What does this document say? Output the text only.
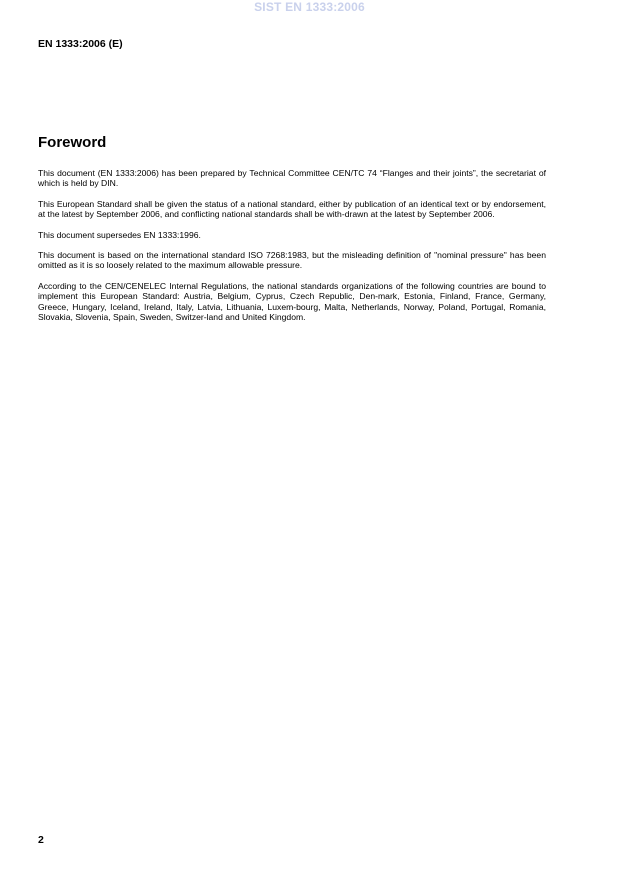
SIST EN 1333:2006
EN 1333:2006 (E)
Foreword

This document (EN 1333:2006) has been prepared by Technical Committee CEN/TC 74 “Flanges and their joints”, the secretariat of which is held by DIN.

This European Standard shall be given the status of a national standard, either by publication of an identical text or by endorsement, at the latest by September 2006, and conflicting national standards shall be with-drawn at the latest by September 2006.

This document supersedes EN 1333:1996.

This document is based on the international standard ISO 7268:1983, but the misleading definition of "nominal pressure" has been omitted as it is so loosely related to the maximum allowable pressure.

According to the CEN/CENELEC Internal Regulations, the national standards organizations of the following countries are bound to implement this European Standard: Austria, Belgium, Cyprus, Czech Republic, Den-mark, Estonia, Finland, France, Germany, Greece, Hungary, Iceland, Ireland, Italy, Latvia, Lithuania, Luxem-bourg, Malta, Netherlands, Norway, Poland, Portugal, Romania, Slovakia, Slovenia, Spain, Sweden, Switzer-land and United Kingdom.

2
